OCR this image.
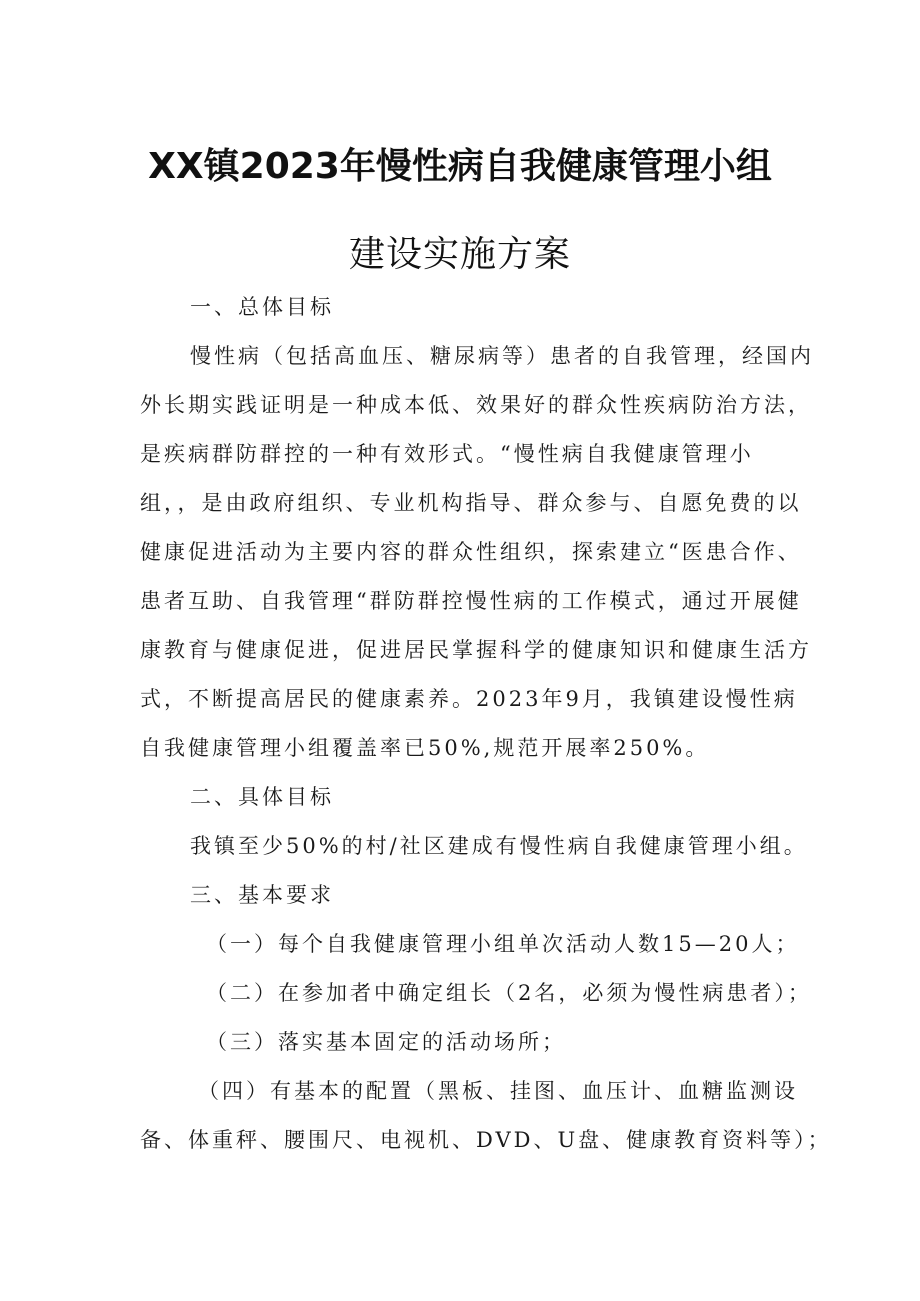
XX镇2023年慢性病自我健康管理小组
建设实施方案
一、总体目标
慢性病（包括高血压、糖尿病等）患者的自我管理，经国内
外长期实践证明是一种成本低、效果好的群众性疾病防治方法，
是疾病群防群控的一种有效形式。“慢性病自我健康管理小
组，，是由政府组织、专业机构指导、群众参与、自愿免费的以
健康促进活动为主要内容的群众性组织，探索建立“医患合作、
患者互助、自我管理“群防群控慢性病的工作模式，通过开展健
康教育与健康促进，促进居民掌握科学的健康知识和健康生活方
式，不断提高居民的健康素养。2023年9月，我镇建设慢性病
自我健康管理小组覆盖率已50%,规范开展率250%。
二、具体目标
我镇至少50%的村/社区建成有慢性病自我健康管理小组。
三、基本要求
（一）每个自我健康管理小组单次活动人数15—20人；
（二）在参加者中确定组长（2名，必须为慢性病患者）；
（三）落实基本固定的活动场所；
（四）有基本的配置（黑板、挂图、血压计、血糖监测设
备、体重秤、腰围尺、电视机、DVD、U盘、健康教育资料等）；
